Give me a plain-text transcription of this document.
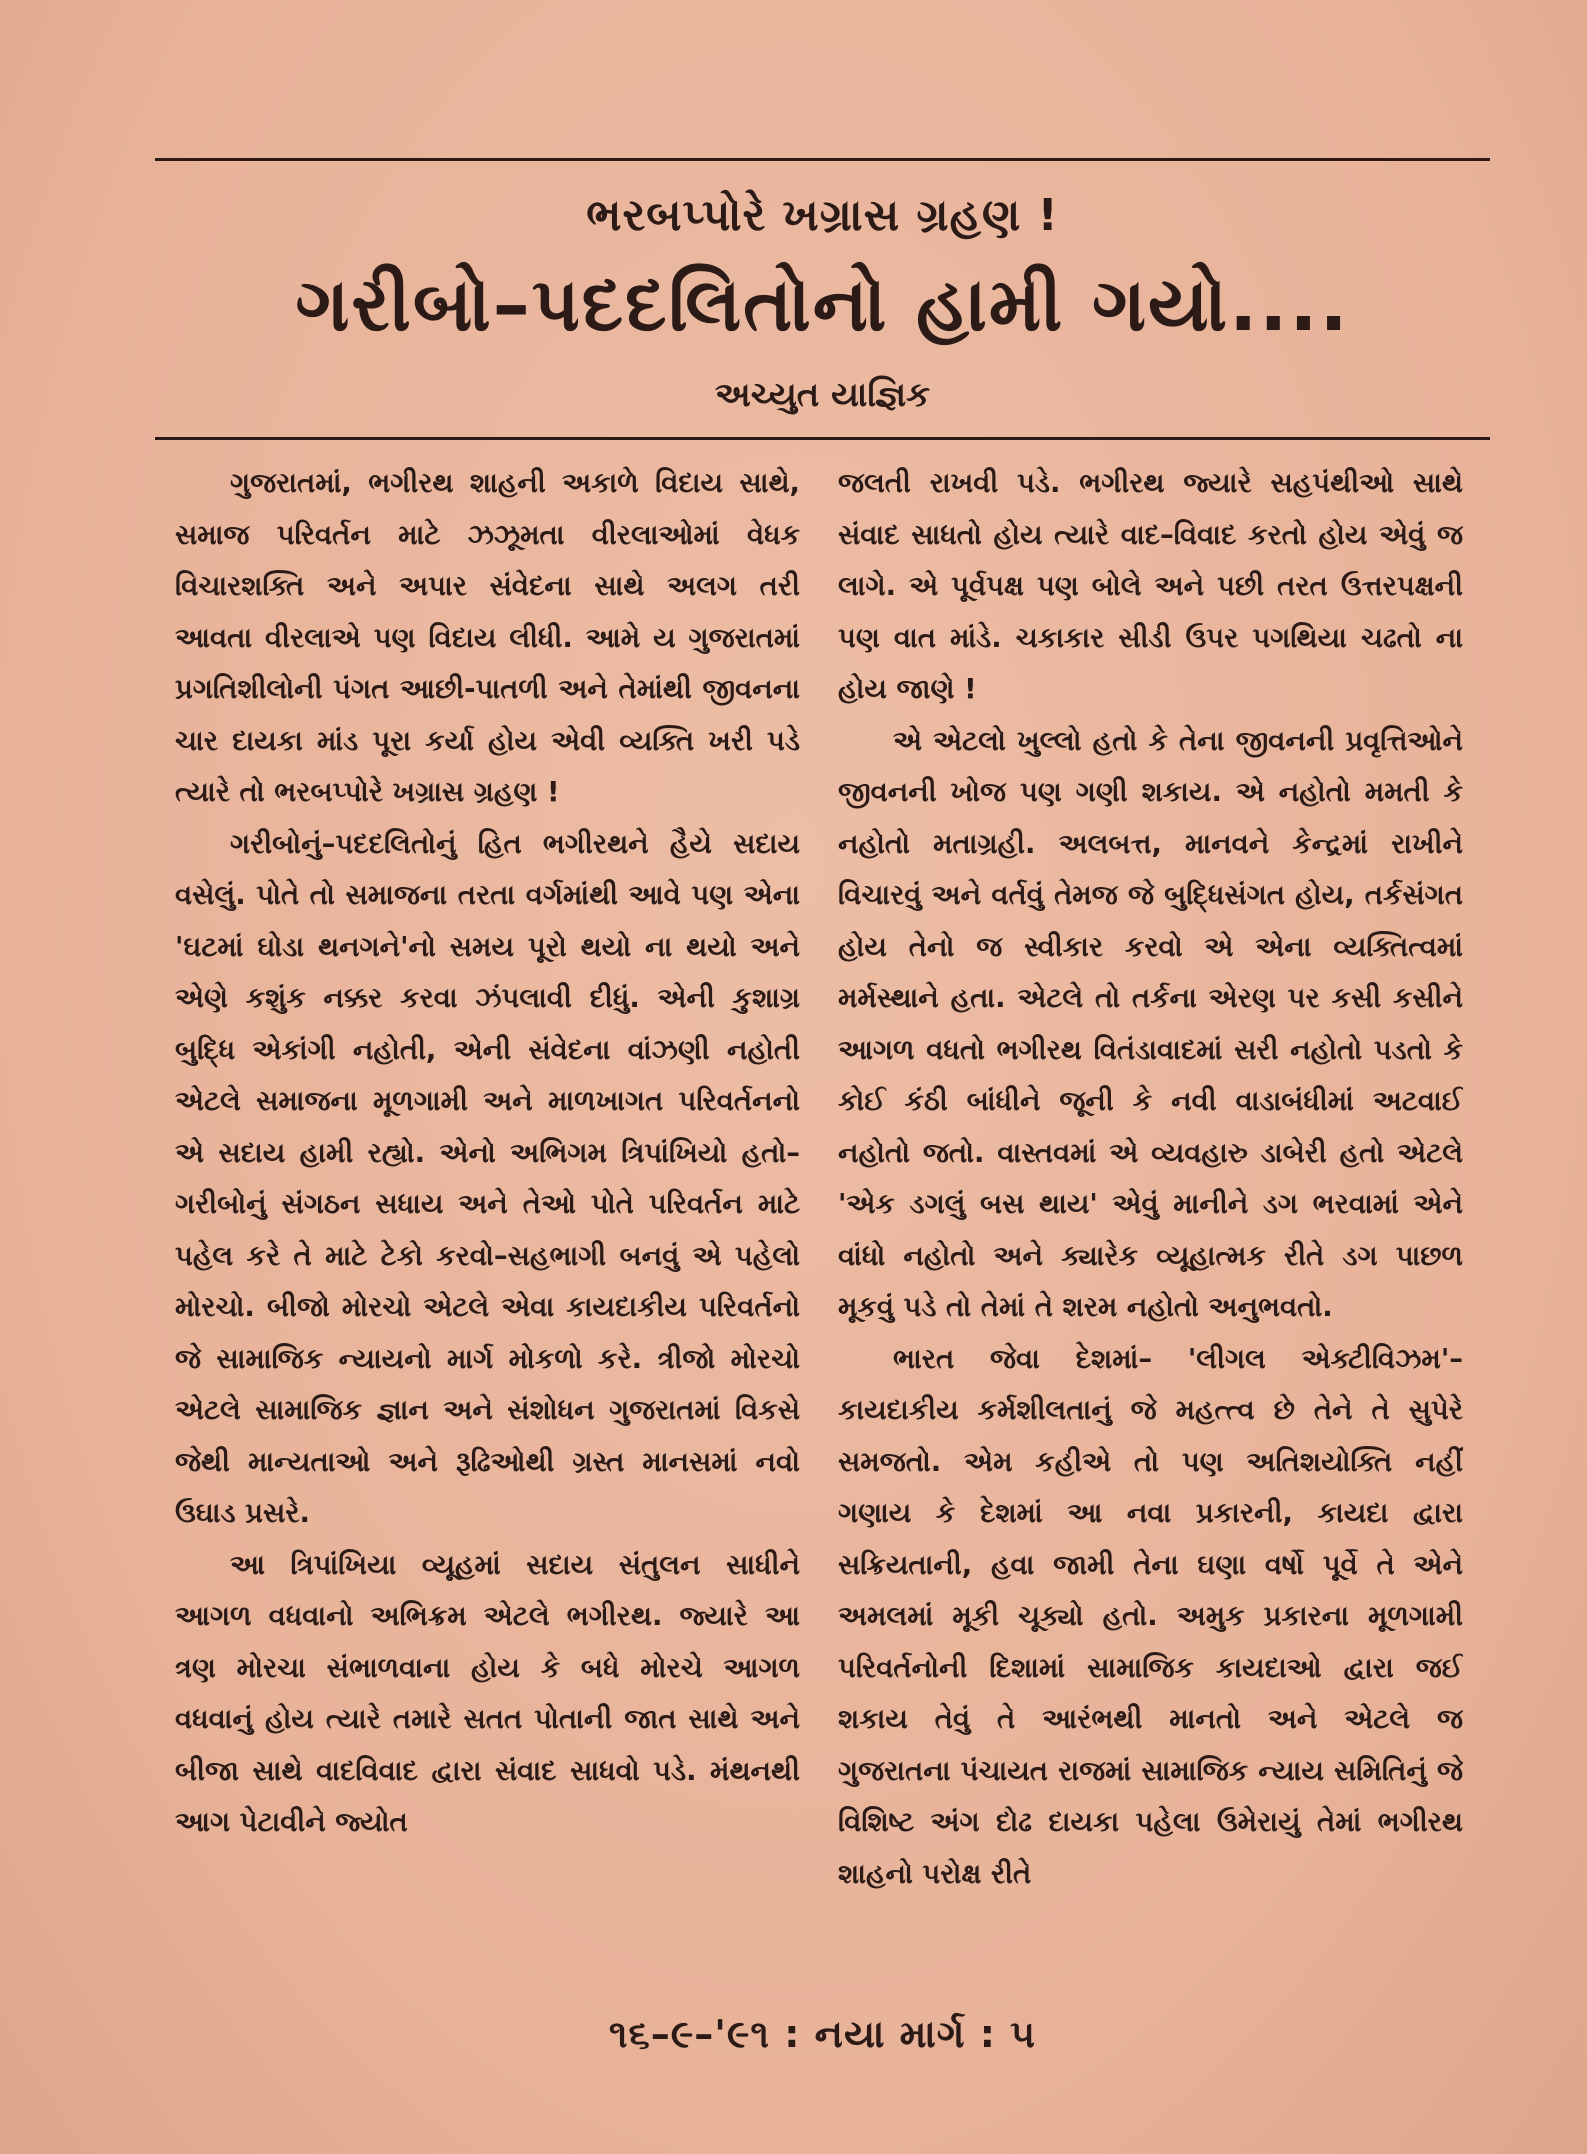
ભરબપ્પોરે ખગ્રાસ ગ્રહણ !
ગરીબો–પદદલિતોનો હામી ગયો....
અચ્યુત યાજ્ઞિક

ગુજરાતમાં, ભગીરથ શાહની અકાળે વિદાય સાથે, સમાજ પરિવર્તન માટે ઝઝૂમતા વીરલાઓમાં વેધક વિચારશક્તિ અને અપાર સંવેદના સાથે અલગ તરી આવતા વીરલાએ પણ વિદાય લીધી. આમે ય ગુજરાતમાં પ્રગતિશીલોની પંગત આછી-પાતળી અને તેમાંથી જીવનના ચાર દાયકા માંડ પૂરા કર્યા હોય એવી વ્યક્તિ ખરી પડે ત્યારે તો ભરબપ્પોરે ખગ્રાસ ગ્રહણ !

ગરીબોનું–પદદલિતોનું હિત ભગીરથને હૈયે સદાય વસેલું. પોતે તો સમાજના તરતા વર્ગમાંથી આવે પણ એના 'ઘટમાં ઘોડા થનગને'નો સમય પૂરો થયો ના થયો અને એણે કશુંક નક્કર કરવા ઝંપલાવી દીધું. એની કુશાગ્ર બુદ્ધિ એકાંગી નહોતી, એની સંવેદના વાંઝણી નહોતી એટલે સમાજના મૂળગામી અને માળખાગત પરિવર્તનનો એ સદાય હામી રહ્યો. એનો અભિગમ ત્રિપાંખિયો હતો– ગરીબોનું સંગઠન સધાય અને તેઓ પોતે પરિવર્તન માટે પહેલ કરે તે માટે ટેકો કરવો–સહભાગી બનવું એ પહેલો મોરચો. બીજો મોરચો એટલે એવા કાયદાકીય પરિવર્તનો જે સામાજિક ન્યાયનો માર્ગ મોકળો કરે. ત્રીજો મોરચો એટલે સામાજિક જ્ઞાન અને સંશોધન ગુજરાતમાં વિકસે જેથી માન્યતાઓ અને રૂઢિઓથી ગ્રસ્ત માનસમાં નવો ઉઘાડ પ્રસરે.

આ ત્રિપાંખિયા વ્યૂહમાં સદાય સંતુલન સાધીને આગળ વધવાનો અભિક્રમ એટલે ભગીરથ. જ્યારે આ ત્રણ મોરચા સંભાળવાના હોય કે બધે મોરચે આગળ વધવાનું હોય ત્યારે તમારે સતત પોતાની જાત સાથે અને બીજા સાથે વાદવિવાદ દ્વારા સંવાદ સાધવો પડે. મંથનથી આગ પેટાવીને જ્યોત

જલતી રાખવી પડે. ભગીરથ જ્યારે સહપંથીઓ સાથે સંવાદ સાધતો હોય ત્યારે વાદ–વિવાદ કરતો હોય એવું જ લાગે. એ પૂર્વપક્ષ પણ બોલે અને પછી તરત ઉત્તરપક્ષની પણ વાત માંડે. ચકાકાર સીડી ઉપર પગથિયા ચઢતો ના હોય જાણે !

એ એટલો ખુલ્લો હતો કે તેના જીવનની પ્રવૃત્તિઓને જીવનની ખોજ પણ ગણી શકાય. એ નહોતો મમતી કે નહોતો મતાગ્રહી. અલબત્ત, માનવને કેન્દ્રમાં રાખીને વિચારવું અને વર્તવું તેમજ જે બુદ્ધિસંગત હોય, તર્કસંગત હોય તેનો જ સ્વીકાર કરવો એ એના વ્યક્તિત્વમાં મર્મસ્થાને હતા. એટલે તો તર્કના એરણ પર કસી કસીને આગળ વધતો ભગીરથ વિતંડાવાદમાં સરી નહોતો પડતો કે કોઈ કંઠી બાંધીને જૂની કે નવી વાડાબંધીમાં અટવાઈ નહોતો જતો. વાસ્તવમાં એ વ્યવહારુ ડાબેરી હતો એટલે 'એક ડગલું બસ થાય' એવું માનીને ડગ ભરવામાં એને વાંધો નહોતો અને ક્યારેક વ્યૂહાત્મક રીતે ડગ પાછળ મૂકવું પડે તો તેમાં તે શરમ નહોતો અનુભવતો.

ભારત જેવા દેશમાં– 'લીગલ એક્ટીવિઝમ'– કાયદાકીય કર્મશીલતાનું જે મહત્ત્વ છે તેને તે સુપેરે સમજતો. એમ કહીએ તો પણ અતિશયોક્તિ નહીં ગણાય કે દેશમાં આ નવા પ્રકારની, કાયદા દ્વારા સક્રિયતાની, હવા જામી તેના ઘણા વર્ષો પૂર્વે તે એને અમલમાં મૂકી ચૂક્યો હતો. અમુક પ્રકારના મૂળગામી પરિવર્તનોની દિશામાં સામાજિક કાયદાઓ દ્વારા જઈ શકાય તેવું તે આરંભથી માનતો અને એટલે જ ગુજરાતના પંચાયત રાજમાં સામાજિક ન્યાય સમિતિનું જે વિશિષ્ટ અંગ દોઢ દાયકા પહેલા ઉમેરાયું તેમાં ભગીરથ શાહનો પરોક્ષ રીતે

૧૬–૯–'૯૧ : નયા માર્ગ : ૫
